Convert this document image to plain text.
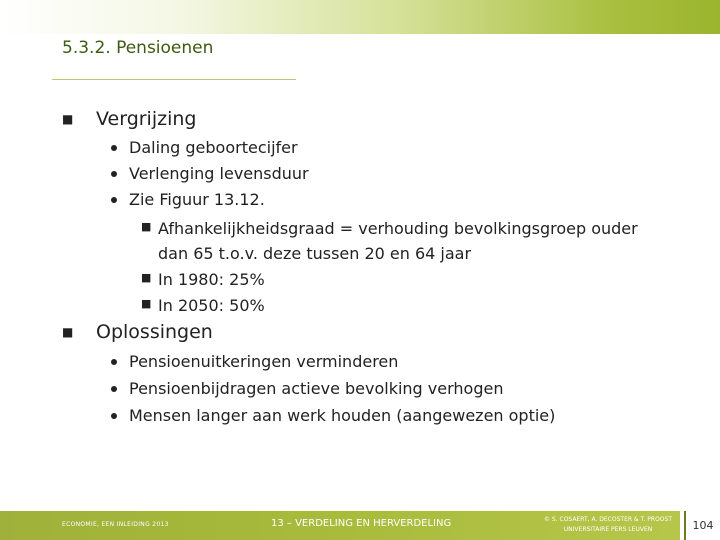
5.3.2. Pensioenen
■	Vergrijzing
Daling geboortecijfer
Verlenging levensduur
Zie Figuur 13.12.
■ Afhankelijkheidsgraad = verhouding bevolkingsgroep ouder dan 65 t.o.v. deze tussen 20 en 64 jaar
■ In 1980: 25%
■ In 2050: 50%
■	Oplossingen
Pensioenuitkeringen verminderen
Pensioenbijdragen actieve bevolking verhogen
Mensen langer aan werk houden (aangewezen optie)
ECONOMIE, EEN INLEIDING 2013	13 – VERDELING EN HERVERDELING	© S. COSAERT, A. DECOSTER & T. PROOST
UNIVERSITAIRE PERS LEUVEN	104
